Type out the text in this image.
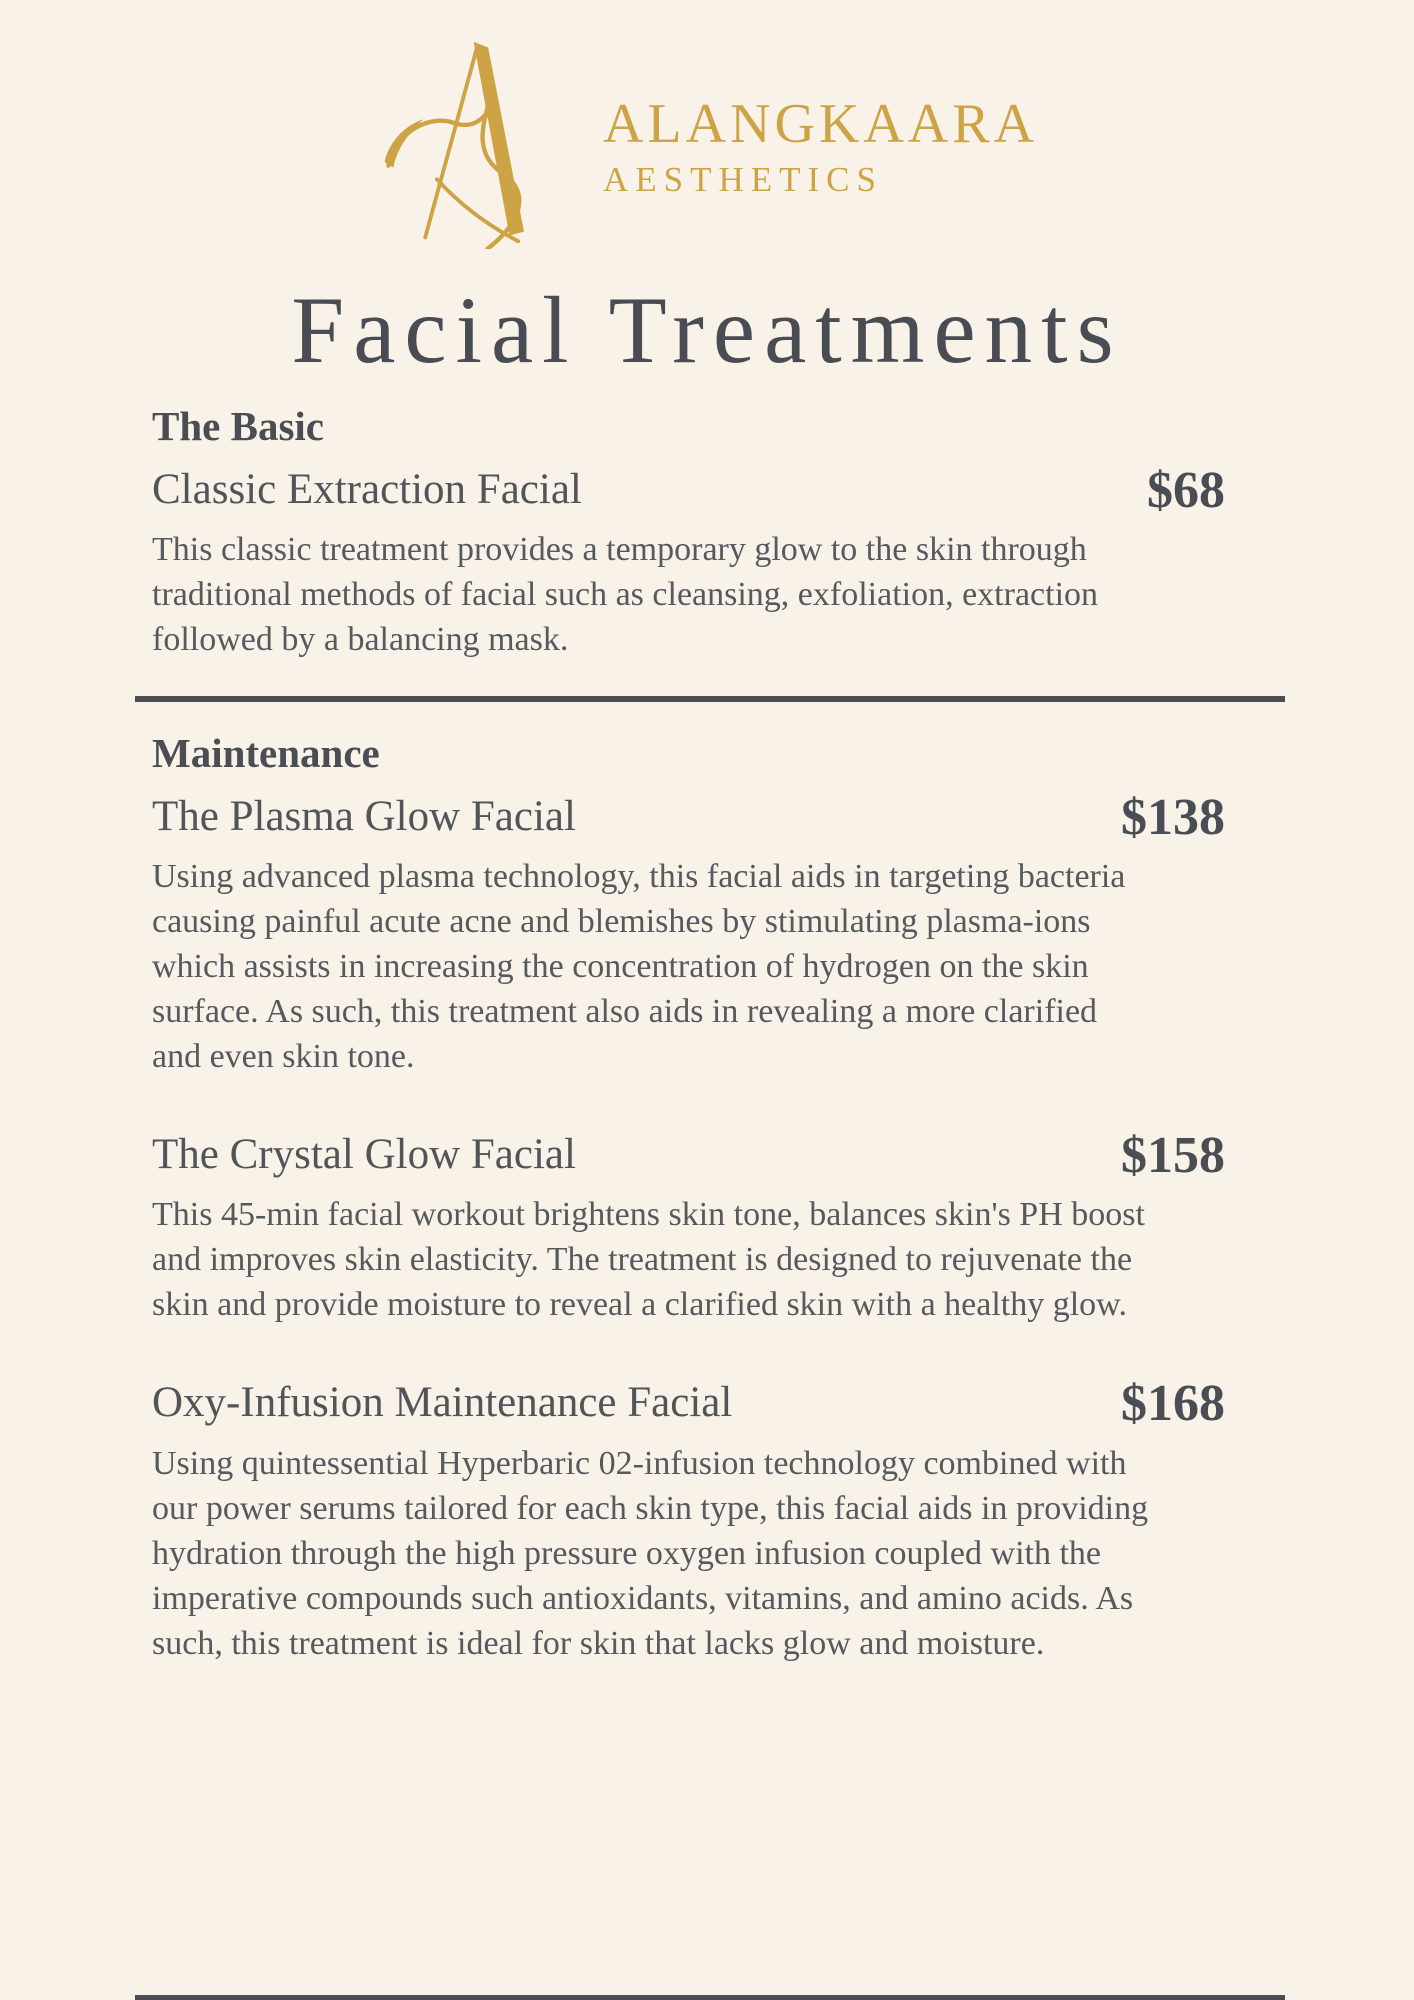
ALANGKAARA
AESTHETICS
Facial Treatments
The Basic
Classic Extraction Facial	$68

This classic treatment provides a temporary glow to the skin through traditional methods of facial such as cleansing, exfoliation, extraction followed by a balancing mask.

Maintenance
The Plasma Glow Facial	$138

Using advanced plasma technology, this facial aids in targeting bacteria causing painful acute acne and blemishes by stimulating plasma-ions which assists in increasing the concentration of hydrogen on the skin surface. As such, this treatment also aids in revealing a more clarified and even skin tone.

The Crystal Glow Facial	$158

This 45-min facial workout brightens skin tone, balances skin's PH boost and improves skin elasticity. The treatment is designed to rejuvenate the skin and provide moisture to reveal a clarified skin with a healthy glow.

Oxy-Infusion Maintenance Facial	$168

Using quintessential Hyperbaric 02-infusion technology combined with our power serums tailored for each skin type, this facial aids in providing hydration through the high pressure oxygen infusion coupled with the imperative compounds such antioxidants, vitamins, and amino acids. As such, this treatment is ideal for skin that lacks glow and moisture.
